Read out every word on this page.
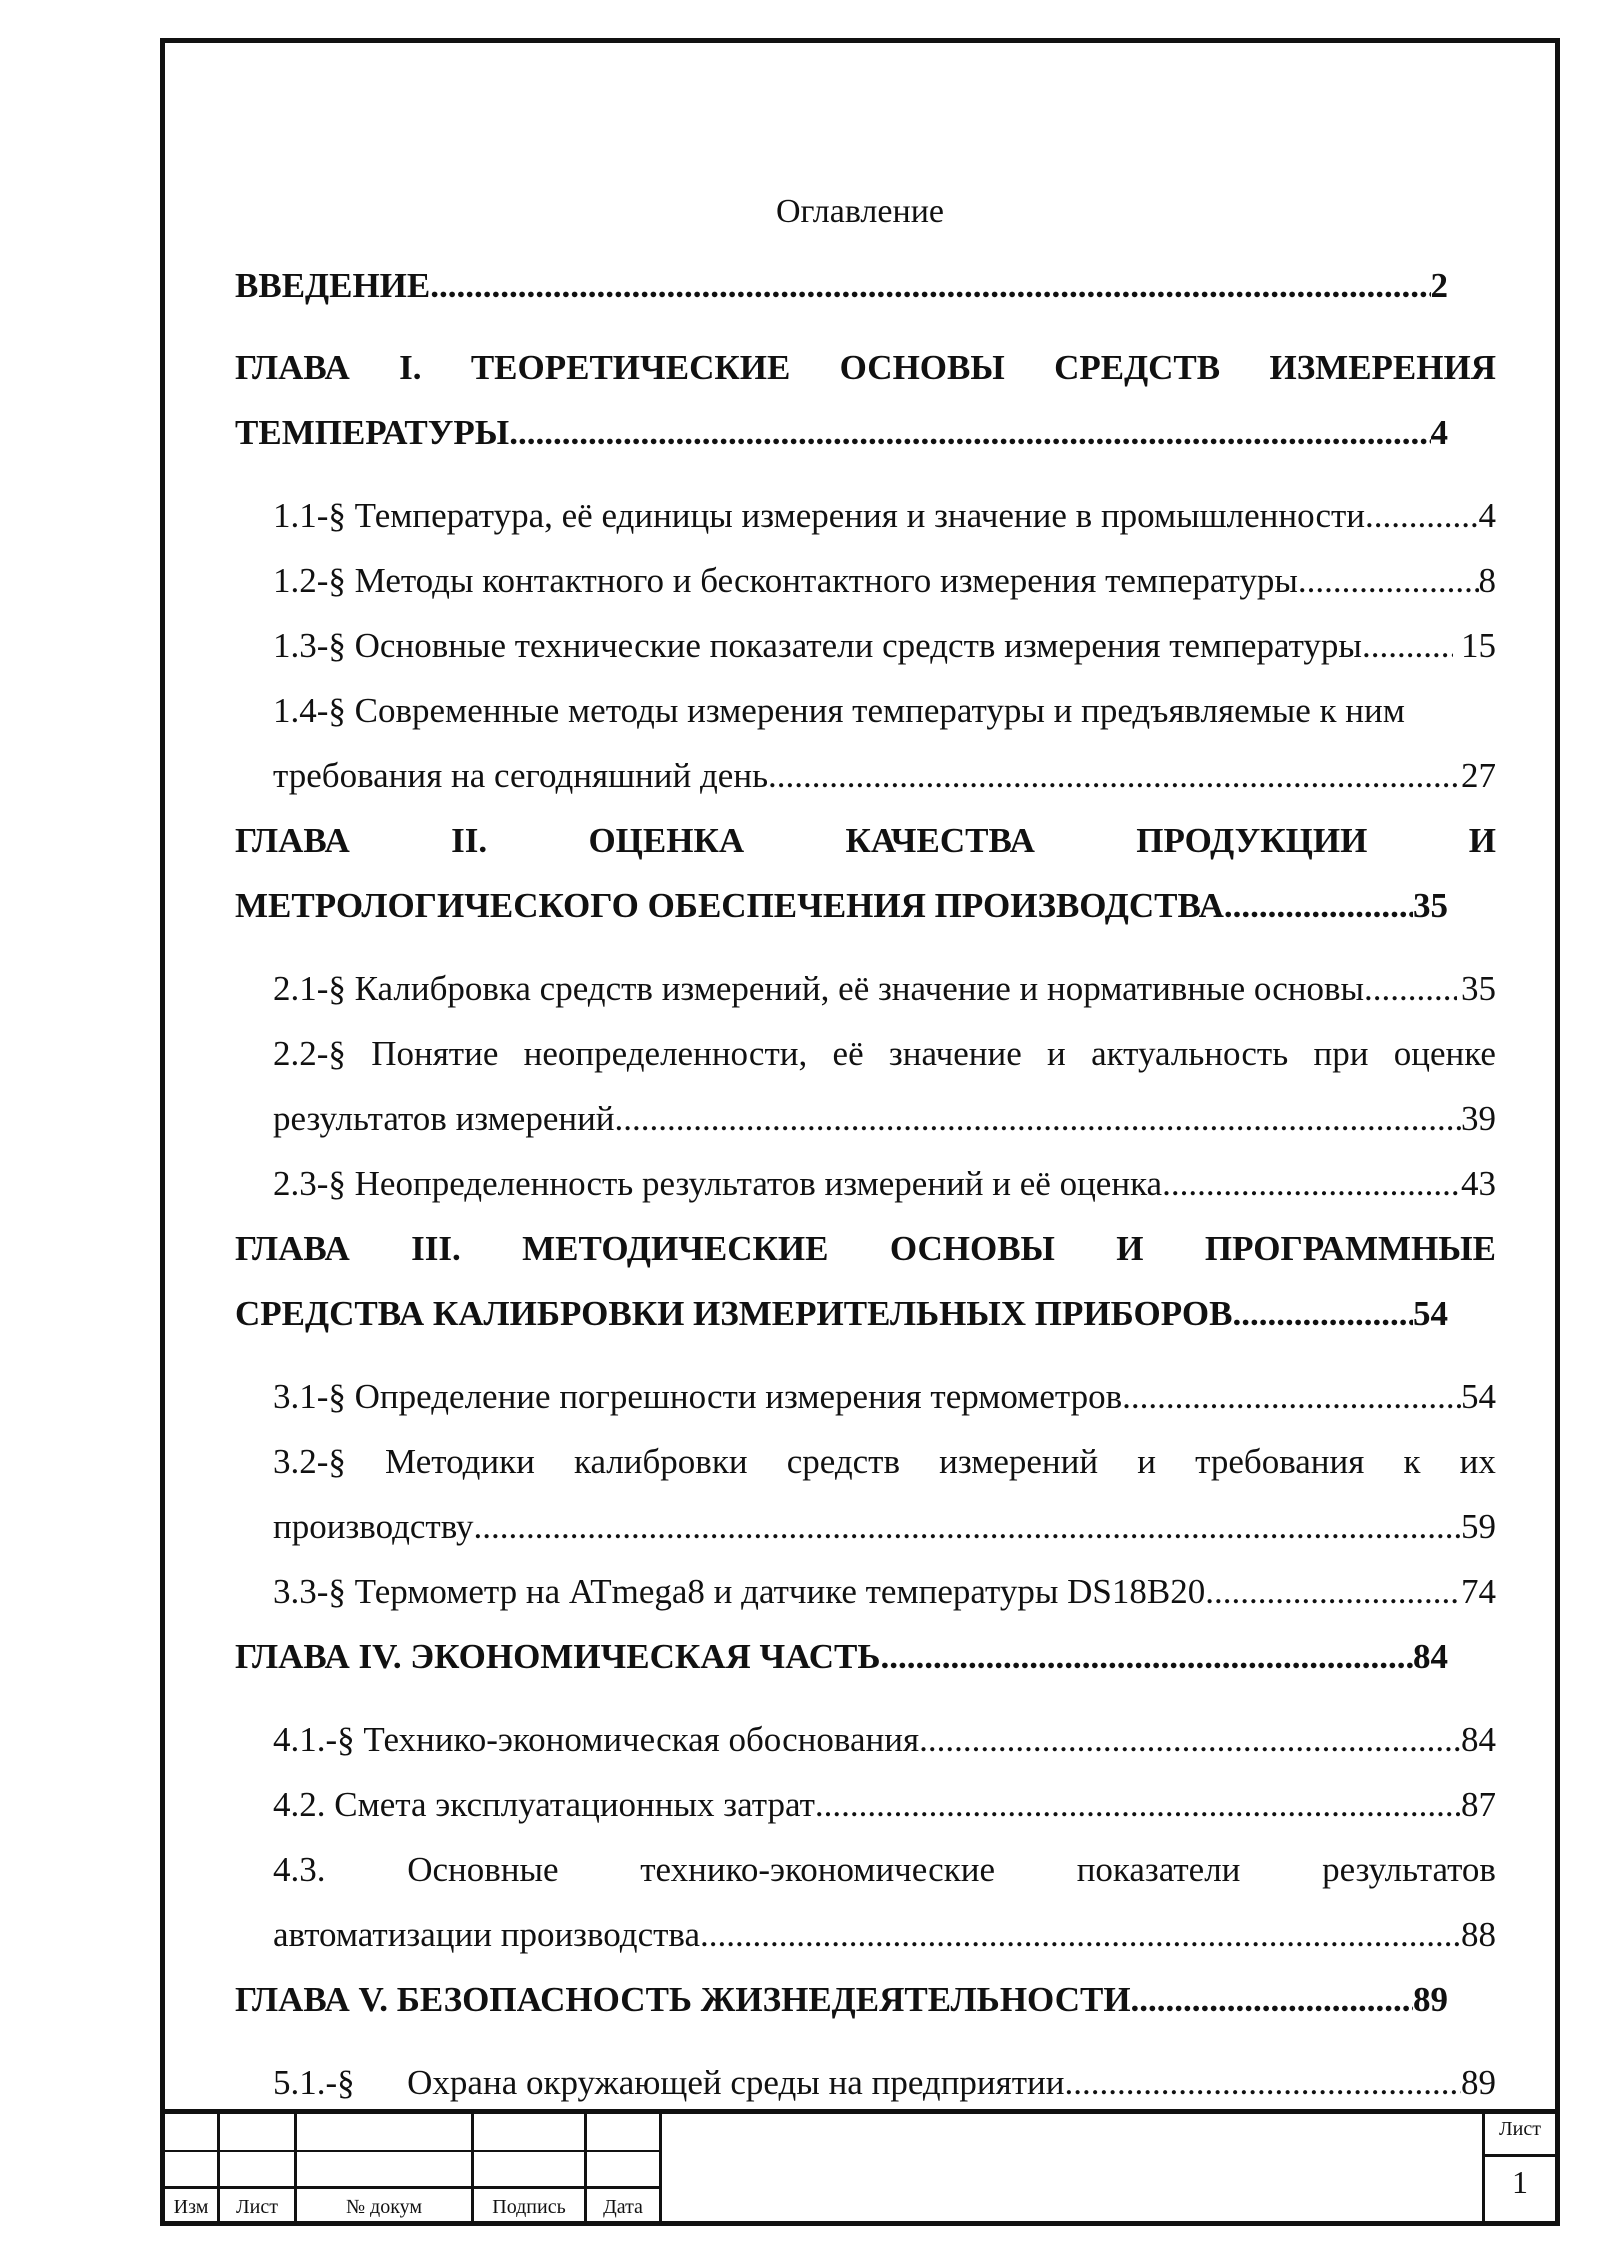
Оглавление
ВВЕДЕНИЕ .....	2
ГЛАВА I. ТЕОРЕТИЧЕСКИЕ ОСНОВЫ СРЕДСТВ ИЗМЕРЕНИЯ
ТЕМПЕРАТУРЫ .....	4
1.1-§ Температура, её единицы измерения и значение в промышленности .....	4
1.2-§ Методы контактного и бесконтактного измерения температуры .....	8
1.3-§ Основные технические показатели средств измерения температуры .....	15
1.4-§ Современные методы измерения температуры и предъявляемые к ним
требования на сегодняшний день .....	27
ГЛАВА	II.	ОЦЕНКА	КАЧЕСТВА	ПРОДУКЦИИ	И
МЕТРОЛОГИЧЕСКОГО ОБЕСПЕЧЕНИЯ ПРОИЗВОДСТВА .....	35
2.1-§ Калибровка средств измерений, её значение и нормативные основы .....	35
2.2-§ Понятие неопределенности, её значение и актуальность при оценке
результатов измерений .....	39
2.3-§ Неопределенность результатов измерений и её оценка .....	43
ГЛАВА III. МЕТОДИЧЕСКИЕ ОСНОВЫ И ПРОГРАММНЫЕ
СРЕДСТВА КАЛИБРОВКИ ИЗМЕРИТЕЛЬНЫХ ПРИБОРОВ .....	54
3.1-§ Определение погрешности измерения термометров .....	54
3.2-§ Методики калибровки средств измерений и требования к их
производству .....	59
3.3-§ Термометр на ATmega8 и датчике температуры DS18B20 .....	74
ГЛАВА IV. ЭКОНОМИЧЕСКАЯ ЧАСТЬ .....	84
4.1.-§ Технико-экономическая обоснования .....	84
4.2. Смета эксплуатационных затрат .....	87
4.3. Основные технико-экономические показатели результатов
автоматизации производства .....	88
ГЛАВА V. БЕЗОПАСНОСТЬ ЖИЗНЕДЕЯТЕЛЬНОСТИ .....	89
5.1.-§      Охрана окружающей среды на предприятии .....	89
Изм	Лист	№ докум	Подпись	Дата
Лист
1
